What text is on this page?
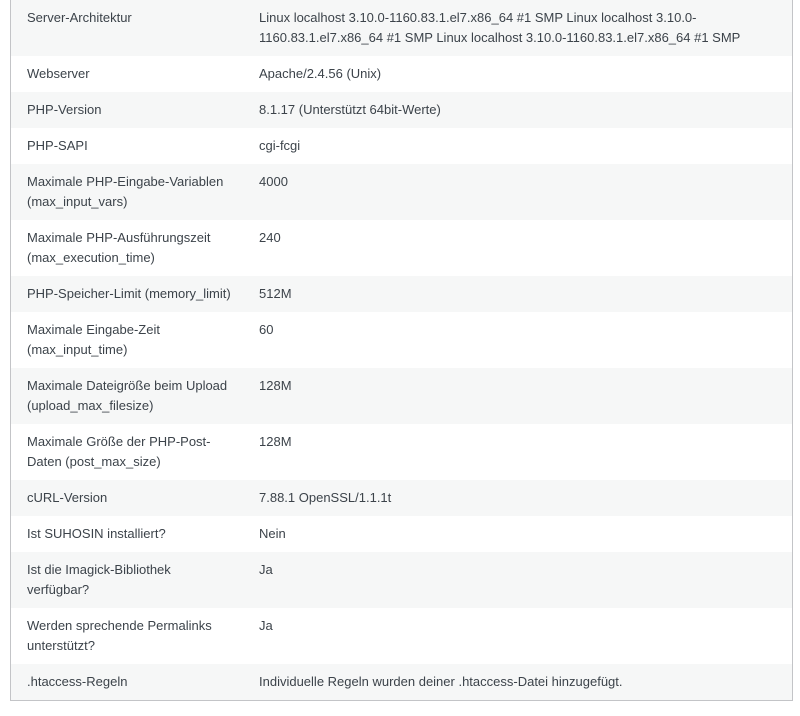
Server-Architektur	Linux localhost 3.10.0-1160.83.1.el7.x86_64 #1 SMP Linux localhost 3.10.0-1160.83.1.el7.x86_64 #1 SMP Linux localhost 3.10.0-1160.83.1.el7.x86_64 #1 SMP
Webserver	Apache/2.4.56 (Unix)
PHP-Version	8.1.17 (Unterstützt 64bit-Werte)
PHP-SAPI	cgi-fcgi
Maximale PHP-Eingabe-Variablen (max_input_vars)	4000
Maximale PHP-Ausführungszeit (max_execution_time)	240
PHP-Speicher-Limit (memory_limit)	512M
Maximale Eingabe-Zeit (max_input_time)	60
Maximale Dateigröße beim Upload (upload_max_filesize)	128M
Maximale Größe der PHP-Post-Daten (post_max_size)	128M
cURL-Version	7.88.1 OpenSSL/1.1.1t
Ist SUHOSIN installiert?	Nein
Ist die Imagick-Bibliothek verfügbar?	Ja
Werden sprechende Permalinks unterstützt?	Ja
.htaccess-Regeln	Individuelle Regeln wurden deiner .htaccess-Datei hinzugefügt.
